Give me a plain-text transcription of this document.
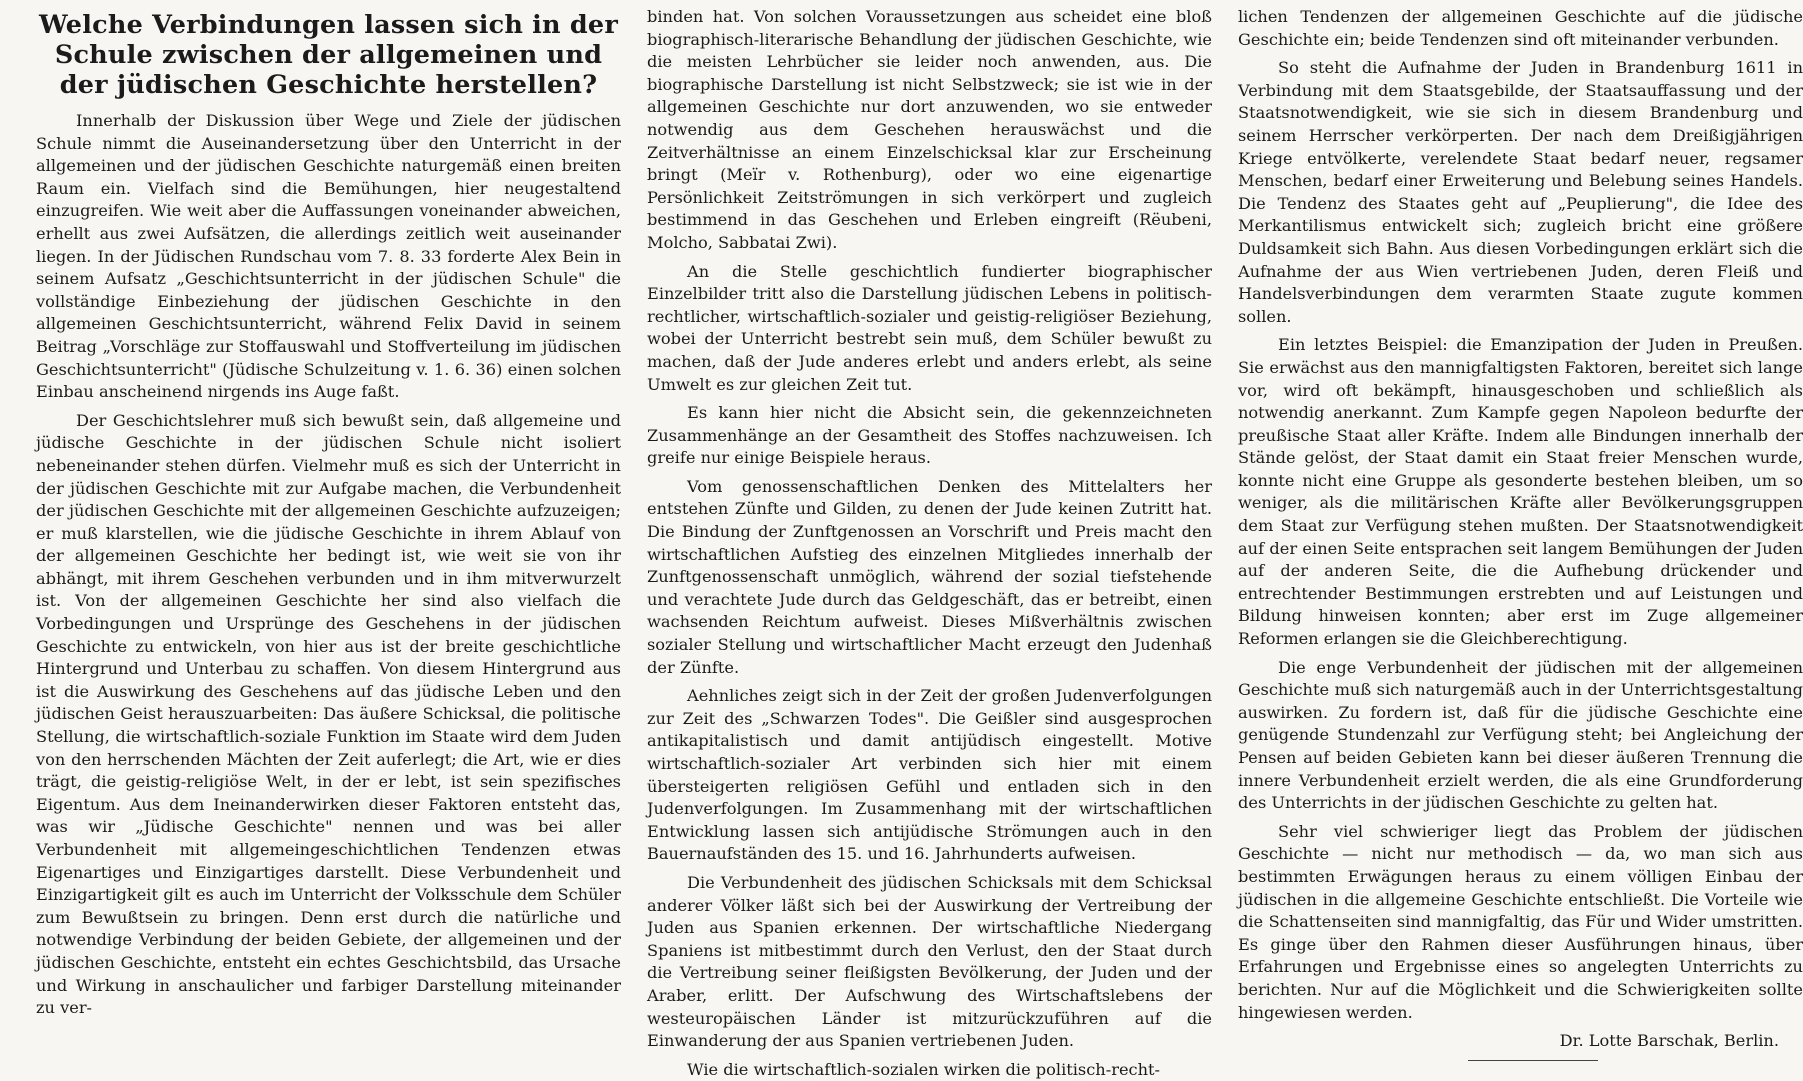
Welche Verbindungen lassen sich in der Schule zwischen der allgemeinen und der jüdischen Geschichte herstellen?

Innerhalb der Diskussion über Wege und Ziele der jüdischen Schule nimmt die Auseinandersetzung über den Unterricht in der allgemeinen und der jüdischen Geschichte naturgemäß einen breiten Raum ein. Vielfach sind die Bemühungen, hier neugestaltend einzugreifen. Wie weit aber die Auffassungen voneinander abweichen, erhellt aus zwei Aufsätzen, die allerdings zeitlich weit auseinander liegen. In der Jüdischen Rundschau vom 7. 8. 33 forderte Alex Bein in seinem Aufsatz „Geschichtsunterricht in der jüdischen Schule" die vollständige Einbeziehung der jüdischen Geschichte in den allgemeinen Geschichtsunterricht, während Felix David in seinem Beitrag „Vorschläge zur Stoffauswahl und Stoffverteilung im jüdischen Geschichtsunterricht" (Jüdische Schulzeitung v. 1. 6. 36) einen solchen Einbau anscheinend nirgends ins Auge faßt.

Der Geschichtslehrer muß sich bewußt sein, daß allgemeine und jüdische Geschichte in der jüdischen Schule nicht isoliert nebeneinander stehen dürfen. Vielmehr muß es sich der Unterricht in der jüdischen Geschichte mit zur Aufgabe machen, die Verbundenheit der jüdischen Geschichte mit der allgemeinen Geschichte aufzuzeigen; er muß klarstellen, wie die jüdische Geschichte in ihrem Ablauf von der allgemeinen Geschichte her bedingt ist, wie weit sie von ihr abhängt, mit ihrem Geschehen verbunden und in ihm mitverwurzelt ist. Von der allgemeinen Geschichte her sind also vielfach die Vorbedingungen und Ursprünge des Geschehens in der jüdischen Geschichte zu entwickeln, von hier aus ist der breite geschichtliche Hintergrund und Unterbau zu schaffen. Von diesem Hintergrund aus ist die Auswirkung des Geschehens auf das jüdische Leben und den jüdischen Geist herauszuarbeiten: Das äußere Schicksal, die politische Stellung, die wirtschaftlich-soziale Funktion im Staate wird dem Juden von den herrschenden Mächten der Zeit auferlegt; die Art, wie er dies trägt, die geistig-religiöse Welt, in der er lebt, ist sein spezifisches Eigentum. Aus dem Ineinanderwirken dieser Faktoren entsteht das, was wir „Jüdische Geschichte" nennen und was bei aller Verbundenheit mit allgemeingeschichtlichen Tendenzen etwas Eigenartiges und Einzigartiges darstellt. Diese Verbundenheit und Einzigartigkeit gilt es auch im Unterricht der Volksschule dem Schüler zum Bewußtsein zu bringen. Denn erst durch die natürliche und notwendige Verbindung der beiden Gebiete, der allgemeinen und der jüdischen Geschichte, entsteht ein echtes Geschichtsbild, das Ursache und Wirkung in anschaulicher und farbiger Darstellung miteinander zu ver-

binden hat. Von solchen Voraussetzungen aus scheidet eine bloß biographisch-literarische Behandlung der jüdischen Geschichte, wie die meisten Lehrbücher sie leider noch anwenden, aus. Die biographische Darstellung ist nicht Selbstzweck; sie ist wie in der allgemeinen Geschichte nur dort anzuwenden, wo sie entweder notwendig aus dem Geschehen herauswächst und die Zeitverhältnisse an einem Einzelschicksal klar zur Erscheinung bringt (Meïr v. Rothenburg), oder wo eine eigenartige Persönlichkeit Zeitströmungen in sich verkörpert und zugleich bestimmend in das Geschehen und Erleben eingreift (Rëubeni, Molcho, Sabbatai Zwi).

An die Stelle geschichtlich fundierter biographischer Einzelbilder tritt also die Darstellung jüdischen Lebens in politisch-rechtlicher, wirtschaftlich-sozialer und geistig-religiöser Beziehung, wobei der Unterricht bestrebt sein muß, dem Schüler bewußt zu machen, daß der Jude anderes erlebt und anders erlebt, als seine Umwelt es zur gleichen Zeit tut.

Es kann hier nicht die Absicht sein, die gekennzeichneten Zusammenhänge an der Gesamtheit des Stoffes nachzuweisen. Ich greife nur einige Beispiele heraus.

Vom genossenschaftlichen Denken des Mittelalters her entstehen Zünfte und Gilden, zu denen der Jude keinen Zutritt hat. Die Bindung der Zunftgenossen an Vorschrift und Preis macht den wirtschaftlichen Aufstieg des einzelnen Mitgliedes innerhalb der Zunftgenossenschaft unmöglich, während der sozial tiefstehende und verachtete Jude durch das Geldgeschäft, das er betreibt, einen wachsenden Reichtum aufweist. Dieses Mißverhältnis zwischen sozialer Stellung und wirtschaftlicher Macht erzeugt den Judenhaß der Zünfte.

Aehnliches zeigt sich in der Zeit der großen Judenverfolgungen zur Zeit des „Schwarzen Todes". Die Geißler sind ausgesprochen antikapitalistisch und damit antijüdisch eingestellt. Motive wirtschaftlich-sozialer Art verbinden sich hier mit einem übersteigerten religiösen Gefühl und entladen sich in den Judenverfolgungen. Im Zusammenhang mit der wirtschaftlichen Entwicklung lassen sich antijüdische Strömungen auch in den Bauernaufständen des 15. und 16. Jahrhunderts aufweisen.

Die Verbundenheit des jüdischen Schicksals mit dem Schicksal anderer Völker läßt sich bei der Auswirkung der Vertreibung der Juden aus Spanien erkennen. Der wirtschaftliche Niedergang Spaniens ist mitbestimmt durch den Verlust, den der Staat durch die Vertreibung seiner fleißigsten Bevölkerung, der Juden und der Araber, erlitt. Der Aufschwung des Wirtschaftslebens der westeuropäischen Länder ist mitzurückzuführen auf die Einwanderung der aus Spanien vertriebenen Juden.

Wie die wirtschaftlich-sozialen wirken die politisch-recht-

lichen Tendenzen der allgemeinen Geschichte auf die jüdische Geschichte ein; beide Tendenzen sind oft miteinander verbunden.

So steht die Aufnahme der Juden in Brandenburg 1611 in Verbindung mit dem Staatsgebilde, der Staatsauffassung und der Staatsnotwendigkeit, wie sie sich in diesem Brandenburg und seinem Herrscher verkörperten. Der nach dem Dreißigjährigen Kriege entvölkerte, verelendete Staat bedarf neuer, regsamer Menschen, bedarf einer Erweiterung und Belebung seines Handels. Die Tendenz des Staates geht auf „Peuplierung", die Idee des Merkantilismus entwickelt sich; zugleich bricht eine größere Duldsamkeit sich Bahn. Aus diesen Vorbedingungen erklärt sich die Aufnahme der aus Wien vertriebenen Juden, deren Fleiß und Handelsverbindungen dem verarmten Staate zugute kommen sollen.

Ein letztes Beispiel: die Emanzipation der Juden in Preußen. Sie erwächst aus den mannigfaltigsten Faktoren, bereitet sich lange vor, wird oft bekämpft, hinausgeschoben und schließlich als notwendig anerkannt. Zum Kampfe gegen Napoleon bedurfte der preußische Staat aller Kräfte. Indem alle Bindungen innerhalb der Stände gelöst, der Staat damit ein Staat freier Menschen wurde, konnte nicht eine Gruppe als gesonderte bestehen bleiben, um so weniger, als die militärischen Kräfte aller Bevölkerungsgruppen dem Staat zur Verfügung stehen mußten. Der Staatsnotwendigkeit auf der einen Seite entsprachen seit langem Bemühungen der Juden auf der anderen Seite, die die Aufhebung drückender und entrechtender Bestimmungen erstrebten und auf Leistungen und Bildung hinweisen konnten; aber erst im Zuge allgemeiner Reformen erlangen sie die Gleichberechtigung.

Die enge Verbundenheit der jüdischen mit der allgemeinen Geschichte muß sich naturgemäß auch in der Unterrichtsgestaltung auswirken. Zu fordern ist, daß für die jüdische Geschichte eine genügende Stundenzahl zur Verfügung steht; bei Angleichung der Pensen auf beiden Gebieten kann bei dieser äußeren Trennung die innere Verbundenheit erzielt werden, die als eine Grundforderung des Unterrichts in der jüdischen Geschichte zu gelten hat.

Sehr viel schwieriger liegt das Problem der jüdischen Geschichte — nicht nur methodisch — da, wo man sich aus bestimmten Erwägungen heraus zu einem völligen Einbau der jüdischen in die allgemeine Geschichte entschließt. Die Vorteile wie die Schattenseiten sind mannigfaltig, das Für und Wider umstritten. Es ginge über den Rahmen dieser Ausführungen hinaus, über Erfahrungen und Ergebnisse eines so angelegten Unterrichts zu berichten. Nur auf die Möglichkeit und die Schwierigkeiten sollte hingewiesen werden.

Dr. Lotte Barschak, Berlin.
